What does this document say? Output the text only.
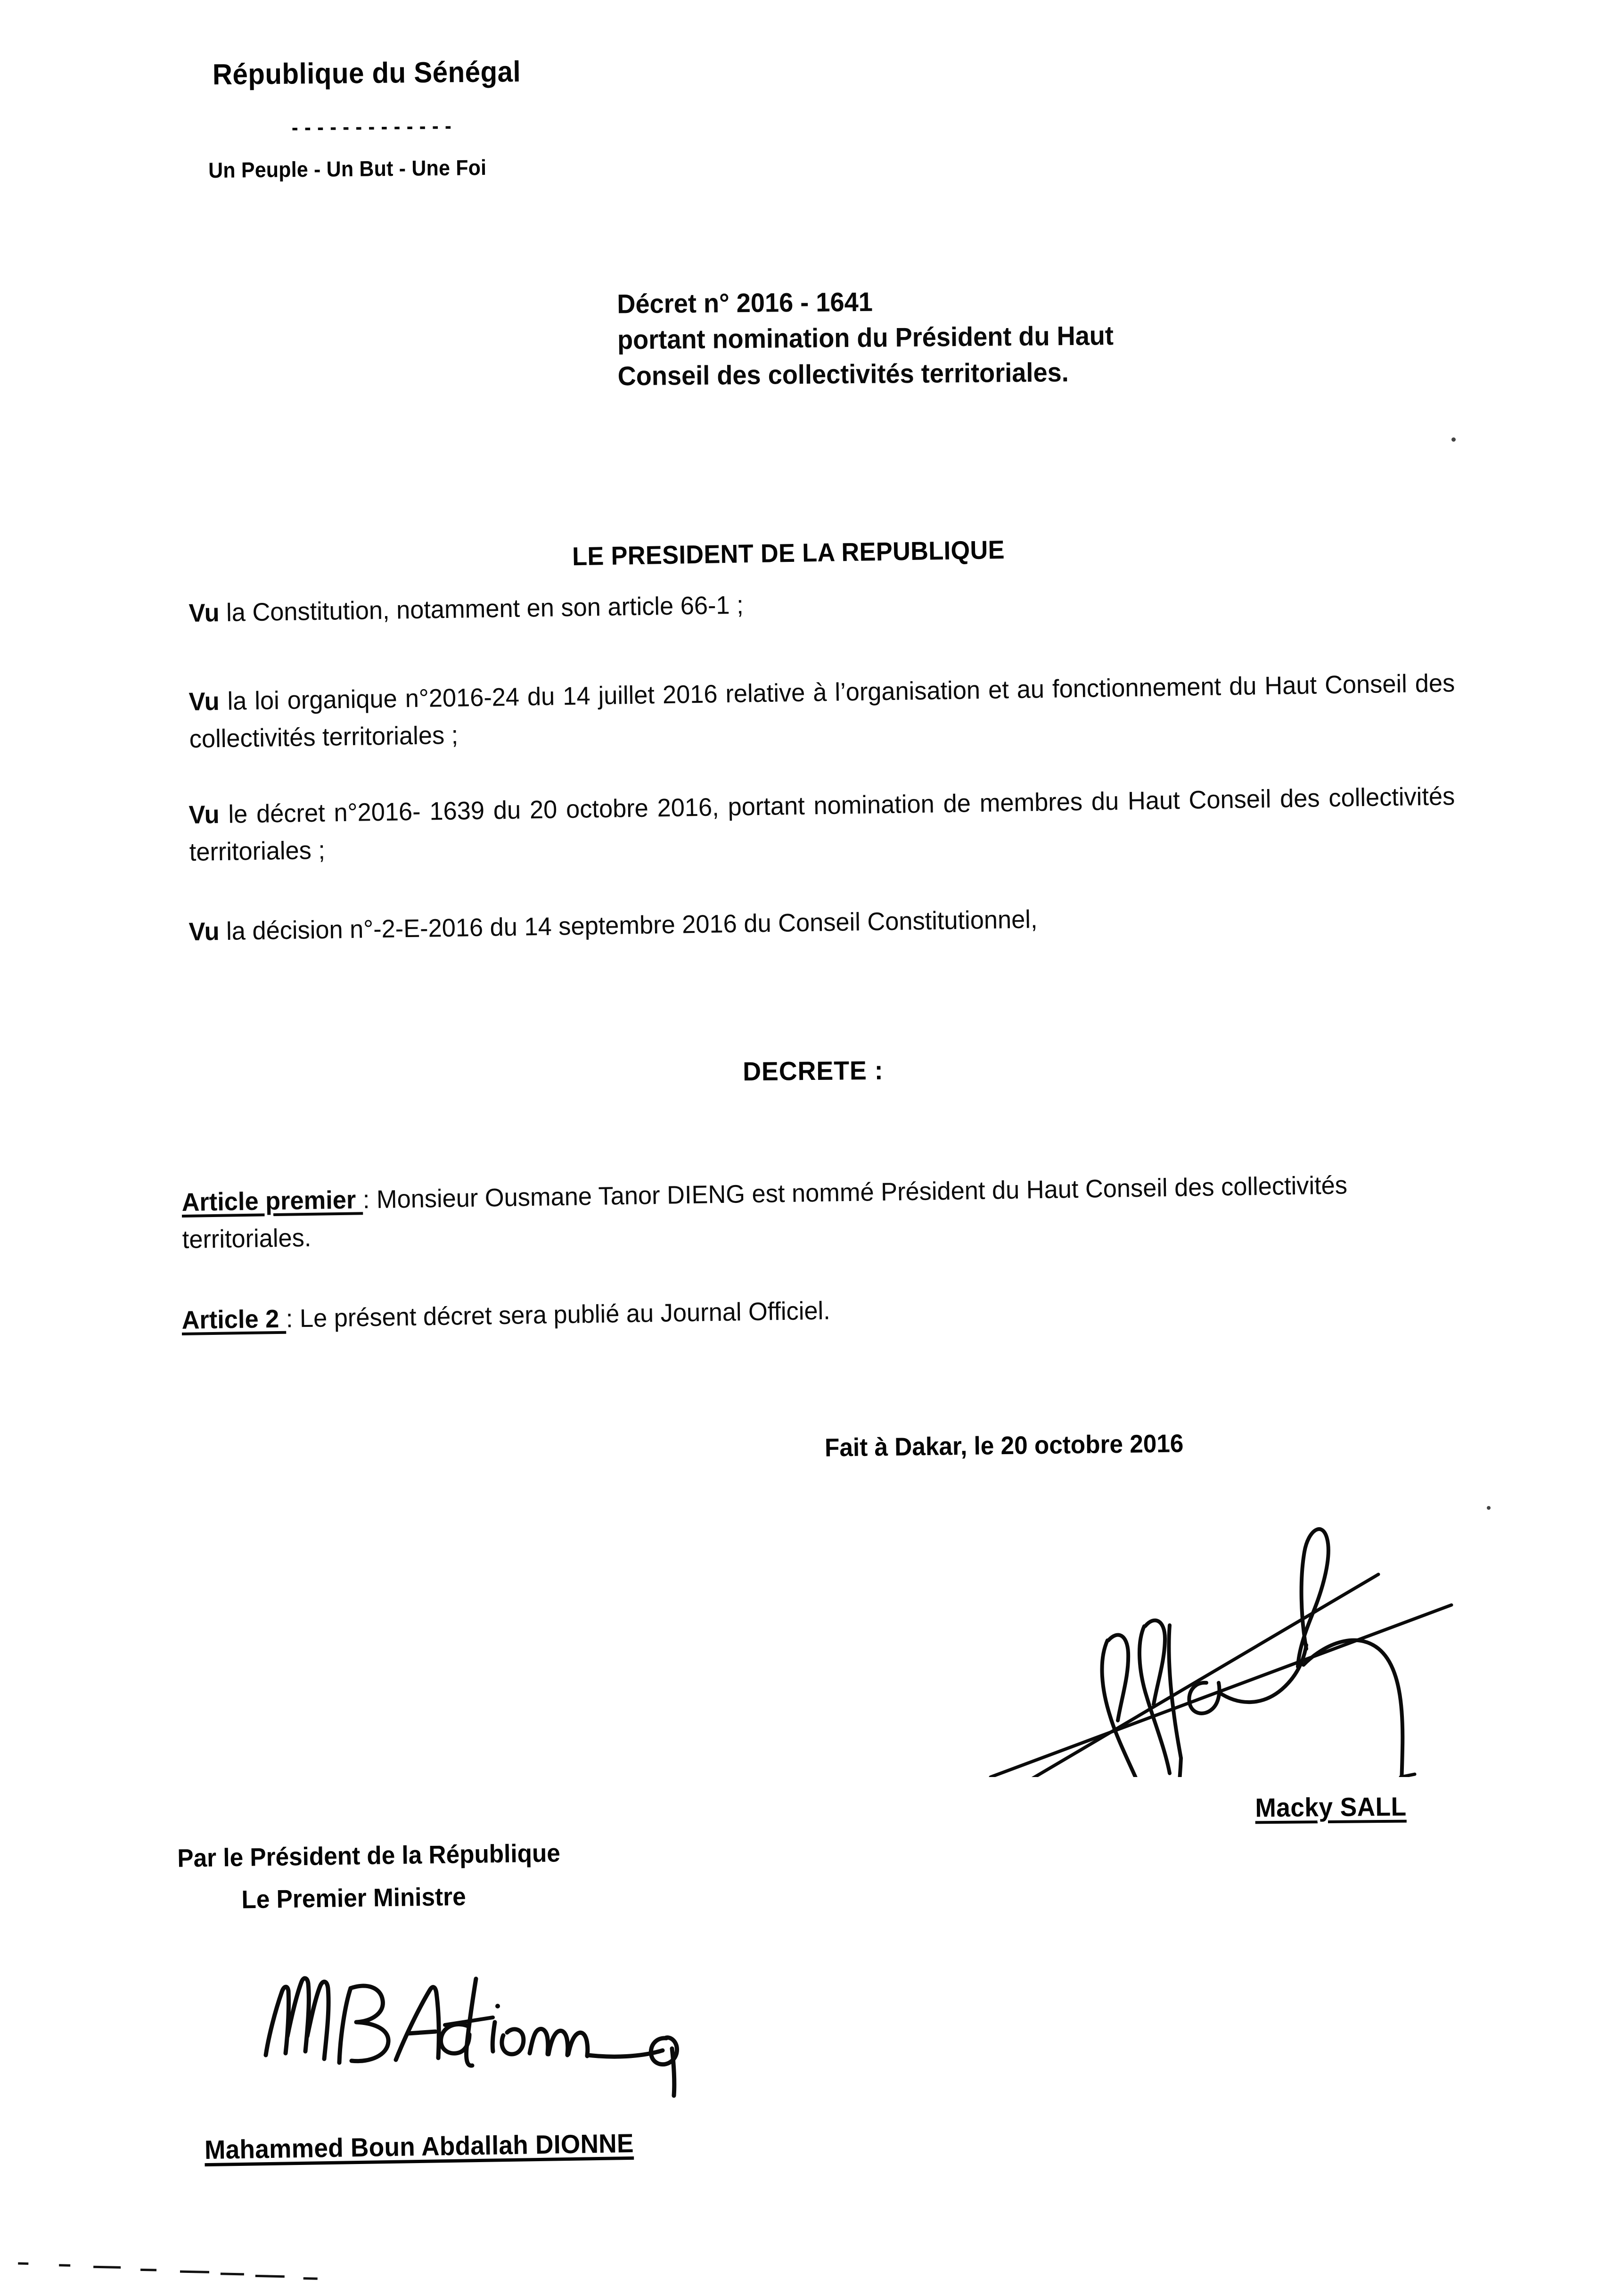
République du Sénégal
- - - - - - - - - - - - -
Un Peuple - Un But - Une Foi
Décret n° 2016 - 1641
portant nomination du Président du Haut
Conseil des collectivités territoriales.
LE PRESIDENT DE LA REPUBLIQUE
Vu la Constitution, notamment en son article 66-1 ;
Vu la loi organique n°2016-24 du 14 juillet 2016 relative à l’organisation et au fonctionnement du Haut Conseil des collectivités territoriales ;
Vu le décret n°2016- 1639 du 20 octobre 2016, portant nomination de membres du Haut Conseil des collectivités territoriales ;
Vu la décision n°-2-E-2016 du 14 septembre 2016 du Conseil Constitutionnel,
DECRETE :
Article premier : Monsieur Ousmane Tanor DIENG est nommé Président du Haut Conseil des collectivités territoriales.
Article 2 : Le présent décret sera publié au Journal Officiel.
Fait à Dakar, le 20 octobre 2016
Macky SALL
Par le Président de la République
Le Premier Ministre
Mahammed Boun Abdallah DIONNE
